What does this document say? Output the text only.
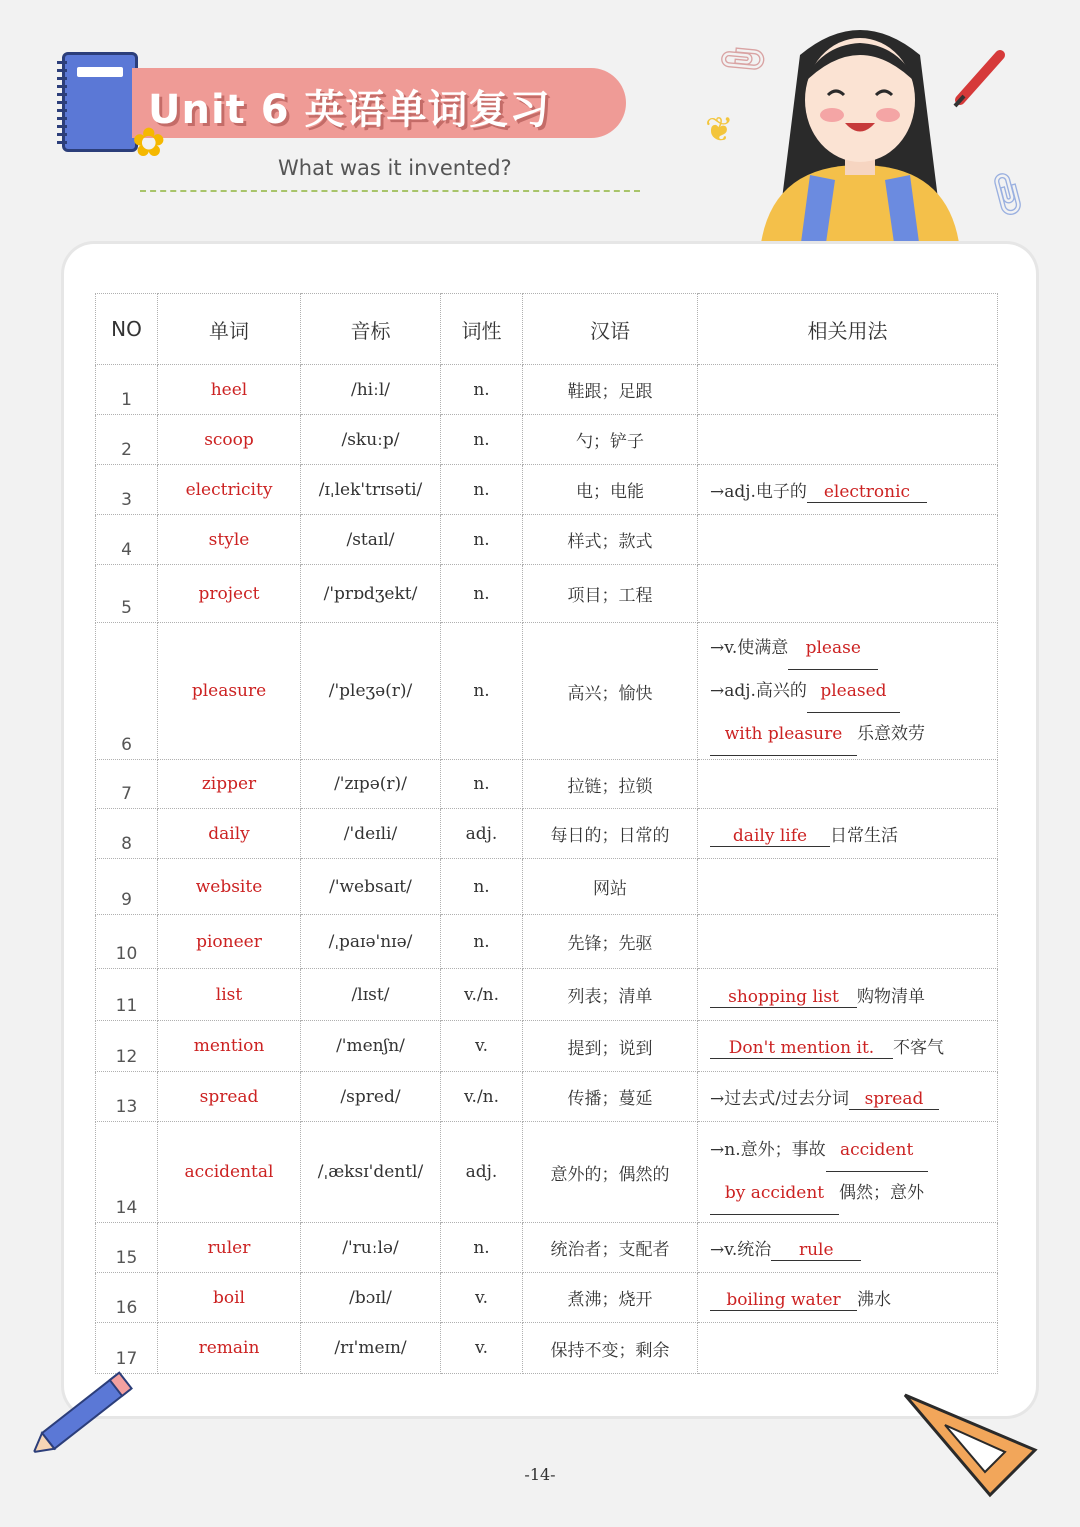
Unit 6 英语单词复习
✿
What was it invented?
❦
📎︎
📎︎
NO	单词	音标	词性	汉语	相关用法
1	heel	/hiːl/	n.	鞋跟；足跟	
2	scoop	/skuːp/	n.	勺；铲子	
3	electricity	/ɪˌlek'trɪsəti/	n.	电；电能	→adj.电子的 electronic

4	style	/staɪl/	n.	样式；款式	
5	project	/'prɒdʒekt/	n.	项目；工程	
6	pleasure	/'pleʒə(r)/	n.	高兴；愉快	→v.使满意 please
→adj.高兴的 pleased
with pleasure 乐意效劳

7	zipper	/'zɪpə(r)/	n.	拉链；拉锁	
8	daily	/'deɪli/	adj.	每日的；日常的	daily life 日常生活

9	website	/'websaɪt/	n.	网站	
10	pioneer	/ˌpaɪə'nɪə/	n.	先锋；先驱	
11	list	/lɪst/	v./n.	列表；清单	shopping list 购物清单

12	mention	/'menʃn/	v.	提到；说到	Don't mention it. 不客气

13	spread	/spred/	v./n.	传播；蔓延	→过去式/过去分词 spread

14	accidental	/ˌæksɪ'dentl/	adj.	意外的；偶然的	→n.意外；事故 accident
by accident 偶然；意外

15	ruler	/'ruːlə/	n.	统治者；支配者	→v.统治 rule

16	boil	/bɔɪl/	v.	煮沸；烧开	boiling water 沸水

17	remain	/rɪ'meɪn/	v.	保持不变；剩余	
-14-
